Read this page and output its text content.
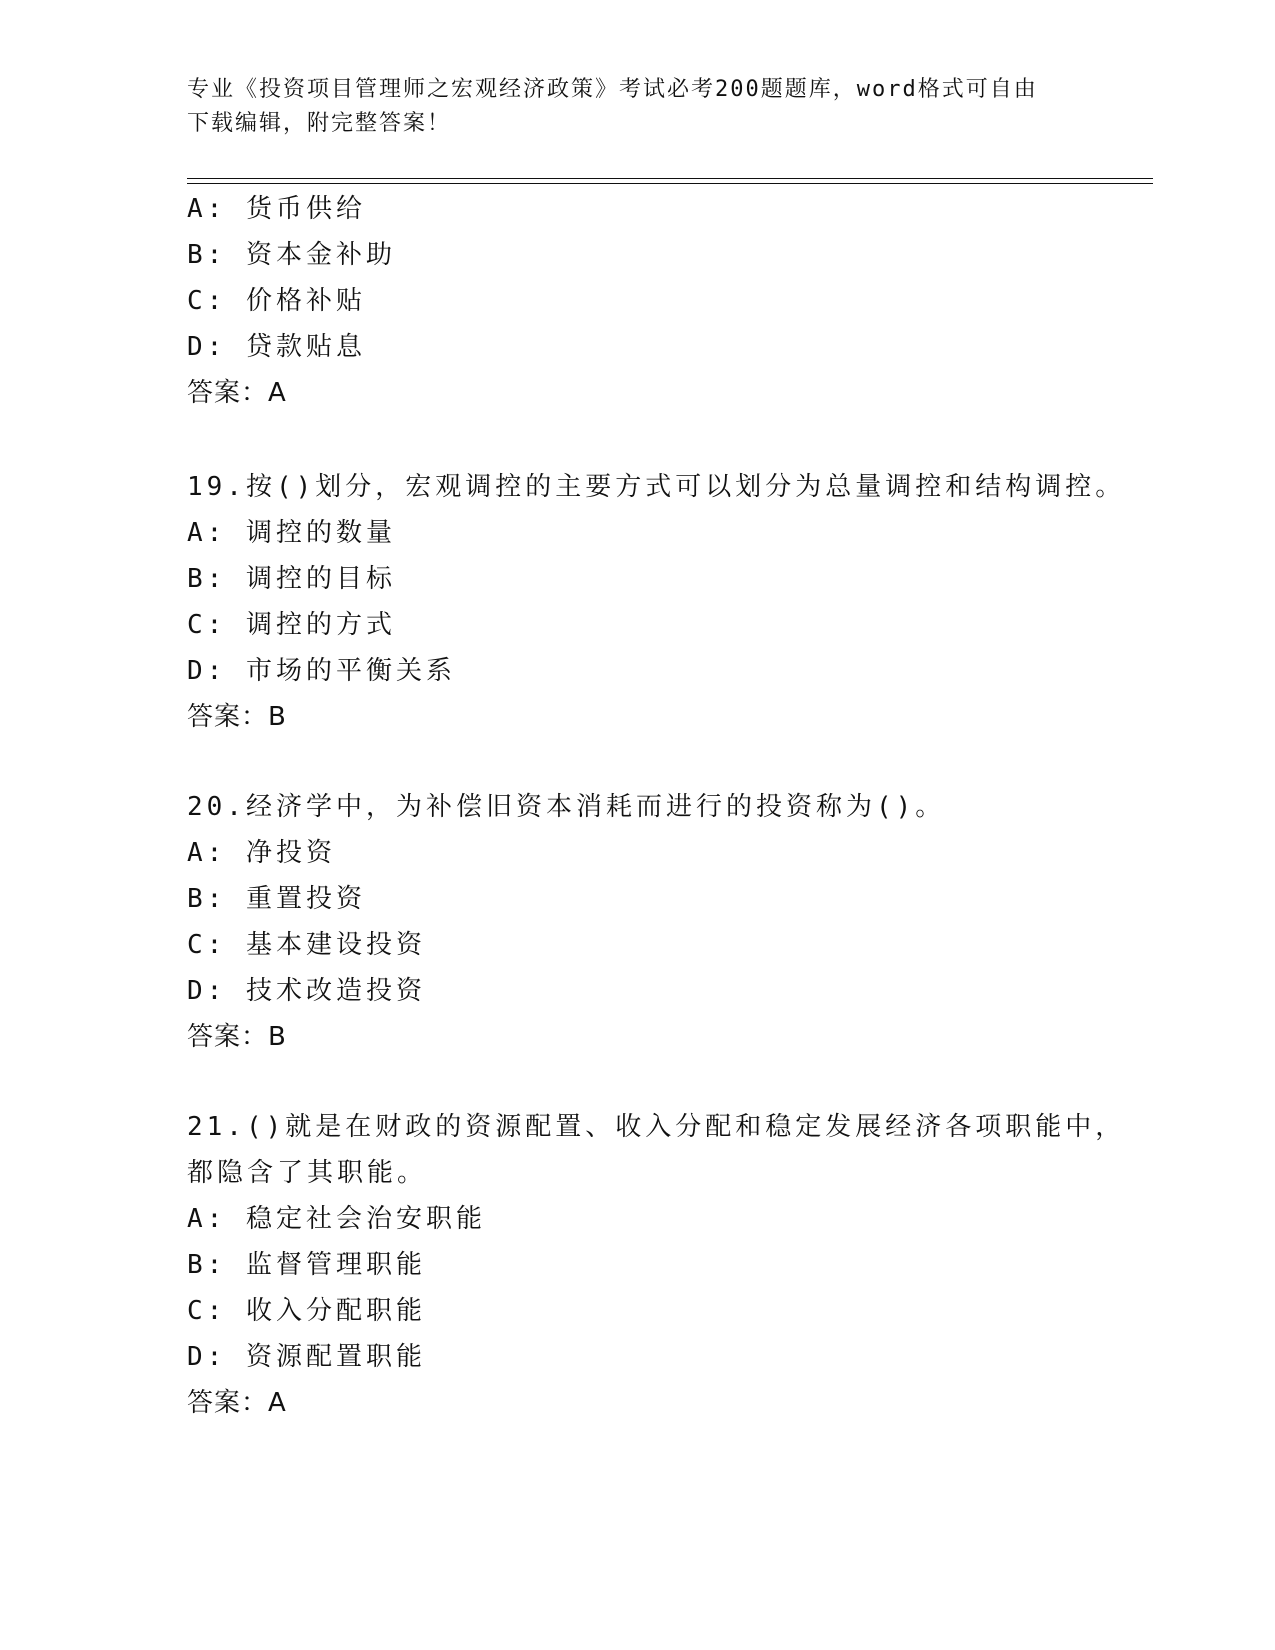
专业《投资项目管理师之宏观经济政策》考试必考200题题库，word格式可自由
下载编辑，附完整答案！
A: 货币供给
B: 资本金补助
C: 价格补贴
D: 贷款贴息
答案：A
19.按()划分，宏观调控的主要方式可以划分为总量调控和结构调控。
A: 调控的数量
B: 调控的目标
C: 调控的方式
D: 市场的平衡关系
答案：B
20.经济学中，为补偿旧资本消耗而进行的投资称为()。
A: 净投资
B: 重置投资
C: 基本建设投资
D: 技术改造投资
答案：B
21.()就是在财政的资源配置、收入分配和稳定发展经济各项职能中，
都隐含了其职能。
A: 稳定社会治安职能
B: 监督管理职能
C: 收入分配职能
D: 资源配置职能
答案：A
